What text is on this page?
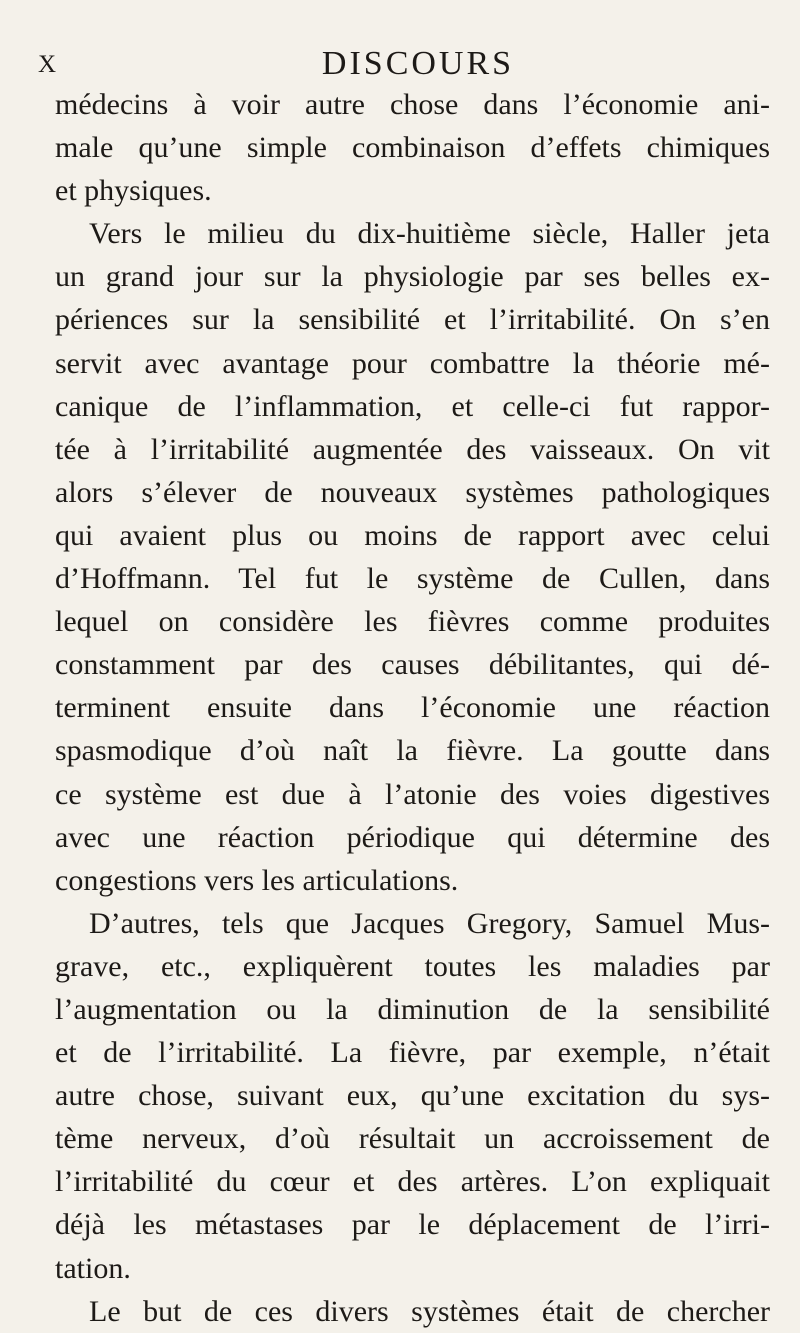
X	DISCOURS
médecins à voir autre chose dans l’économie ani-
male qu’une simple combinaison d’effets chimiques
et physiques.
Vers le milieu du dix-huitième siècle, Haller jeta
un grand jour sur la physiologie par ses belles ex-
périences sur la sensibilité et l’irritabilité. On s’en
servit avec avantage pour combattre la théorie mé-
canique de l’inflammation, et celle-ci fut rappor-
tée à l’irritabilité augmentée des vaisseaux. On vit
alors s’élever de nouveaux systèmes pathologiques
qui avaient plus ou moins de rapport avec celui
d’Hoffmann. Tel fut le système de Cullen, dans
lequel on considère les fièvres comme produites
constamment par des causes débilitantes, qui dé-
terminent ensuite dans l’économie une réaction
spasmodique d’où naît la fièvre. La goutte dans
ce système est due à l’atonie des voies digestives
avec une réaction périodique qui détermine des
congestions vers les articulations.
D’autres, tels que Jacques Gregory, Samuel Mus-
grave, etc., expliquèrent toutes les maladies par
l’augmentation ou la diminution de la sensibilité
et de l’irritabilité. La fièvre, par exemple, n’était
autre chose, suivant eux, qu’une excitation du sys-
tème nerveux, d’où résultait un accroissement de
l’irritabilité du cœur et des artères. L’on expliquait
déjà les métastases par le déplacement de l’irri-
tation.
Le but de ces divers systèmes était de chercher
